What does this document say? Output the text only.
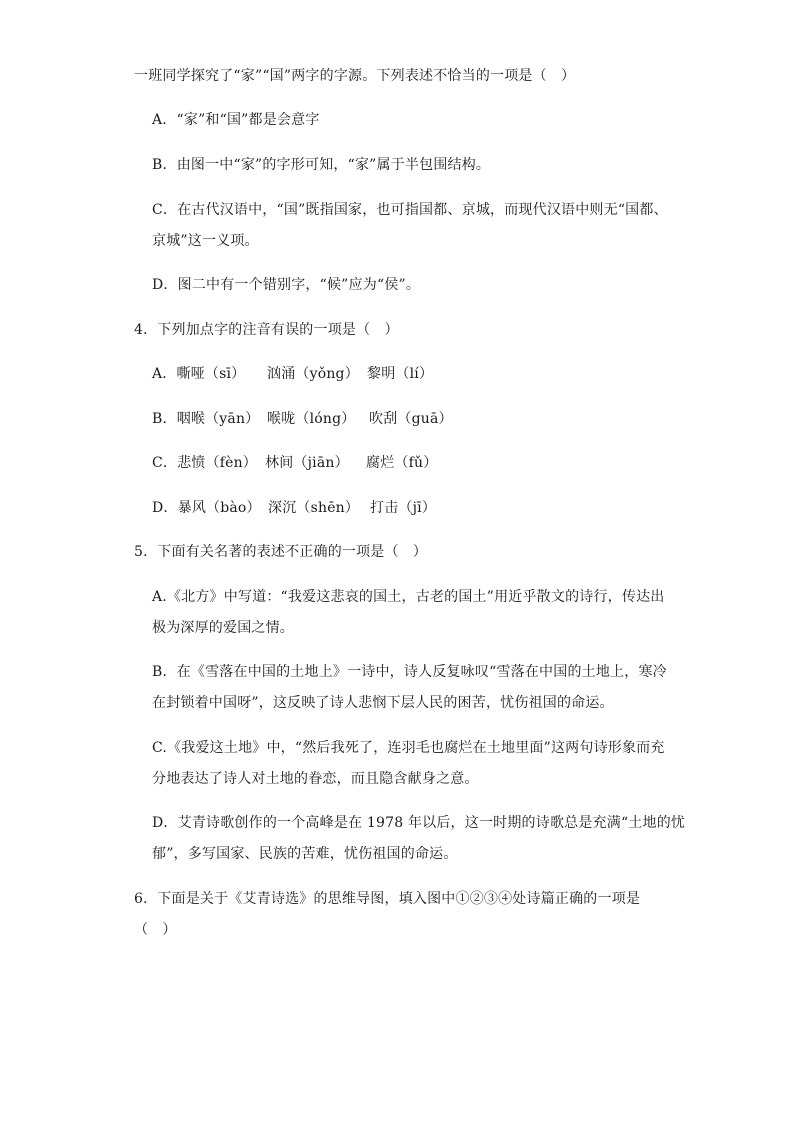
一班同学探究了“家”“国”两字的字源。下列表述不恰当的一项是（　）
A．“家”和“国”都是会意字
B．由图一中“家”的字形可知，“家”属于半包围结构。
C．在古代汉语中，“国”既指国家，也可指国都、京城，而现代汉语中则无“国都、
京城”这一义项。
D．图二中有一个错别字，“候”应为“侯”。
4．下列加点字的注音有误的一项是（　）
A．嘶哑（sī） 汹涌（yǒng） 黎明（lí）
B．咽喉（yān） 喉咙（lóng） 吹刮（guā）
C．悲愤（fèn） 林间（jiān） 腐烂（fǔ）
D．暴风（bào） 深沉（shēn） 打击（jī）
5．下面有关名著的表述不正确的一项是（　）
A.《北方》中写道：“我爱这悲哀的国土，古老的国土”用近乎散文的诗行，传达出
极为深厚的爱国之情。
B．在《雪落在中国的土地上》一诗中，诗人反复咏叹“雪落在中国的土地上，寒冷
在封锁着中国呀”，这反映了诗人悲悯下层人民的困苦，忧伤祖国的命运。
C.《我爱这土地》中，“然后我死了，连羽毛也腐烂在土地里面”这两句诗形象而充
分地表达了诗人对土地的眷恋，而且隐含献身之意。
D．艾青诗歌创作的一个高峰是在 1978 年以后，这一时期的诗歌总是充满“土地的忧
郁”，多写国家、民族的苦难，忧伤祖国的命运。
6．下面是关于《艾青诗选》的思维导图，填入图中①②③④处诗篇正确的一项是
（　）
